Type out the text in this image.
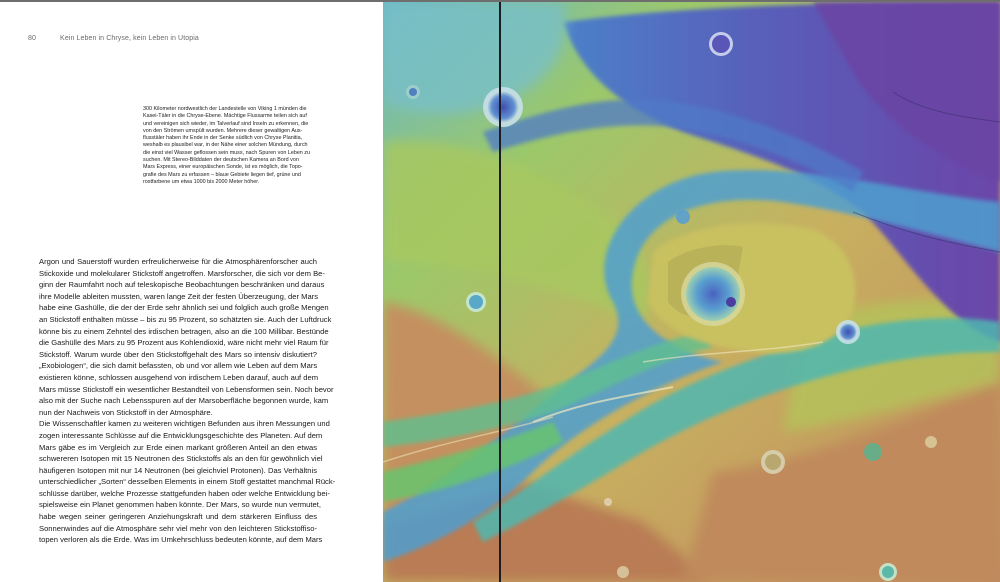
80	Kein Leben in Chryse, kein Leben in Utopia
300 Kilometer nordwestlich der Landestelle von Viking 1 münden die
Kasei-Täler in die Chryse-Ebene. Mächtige Flussarme teilen sich auf
und vereinigen sich wieder, im Talverlauf sind Inseln zu erkennen, die
von den Strömen umspült wurden. Mehrere dieser gewaltigen Aus-
flusstäler haben ihr Ende in der Senke südlich von Chryse Planitia,
weshalb es plausibel war, in der Nähe einer solchen Mündung, durch
die einst viel Wasser geflossen sein muss, nach Spuren von Leben zu
suchen. Mit Stereo-Bilddaten der deutschen Kamera an Bord von
Mars Express, einer europäischen Sonde, ist es möglich, die Topo-
grafie des Mars zu erfassen – blaue Gebiete liegen tief, grüne und
rostfarbene um etwa 1000 bis 2000 Meter höher.
Argon und Sauerstoff wurden erfreulicherweise für die Atmosphärenforscher auch
Stickoxide und molekularer Stickstoff angetroffen. Marsforscher, die sich vor dem Be-
ginn der Raumfahrt noch auf teleskopische Beobachtungen beschränken und daraus
ihre Modelle ableiten mussten, waren lange Zeit der festen Überzeugung, der Mars
habe eine Gashülle, die der der Erde sehr ähnlich sei und folglich auch große Mengen
an Stickstoff enthalten müsse – bis zu 95 Prozent, so schätzten sie. Auch der Luftdruck
könne bis zu einem Zehntel des irdischen betragen, also an die 100 Millibar. Bestünde
die Gashülle des Mars zu 95 Prozent aus Kohlendioxid, wäre nicht mehr viel Raum für
Stickstoff. Warum wurde über den Stickstoffgehalt des Mars so intensiv diskutiert?
„Exobiologen“, die sich damit befassten, ob und vor allem wie Leben auf dem Mars
existieren könne, schlossen ausgehend von irdischem Leben darauf, auch auf dem
Mars müsse Stickstoff ein wesentlicher Bestandteil von Lebensformen sein. Noch bevor
also mit der Suche nach Lebensspuren auf der Marsoberfläche begonnen wurde, kam
nun der Nachweis von Stickstoff in der Atmosphäre.
Die Wissenschaftler kamen zu weiteren wichtigen Befunden aus ihren Messungen und
zogen interessante Schlüsse auf die Entwicklungsgeschichte des Planeten. Auf dem
Mars gäbe es im Vergleich zur Erde einen markant größeren Anteil an den etwas
schwereren Isotopen mit 15 Neutronen des Stickstoffs als an den für gewöhnlich viel
häufigeren Isotopen mit nur 14 Neutronen (bei gleichviel Protonen). Das Verhältnis
unterschiedlicher „Sorten“ desselben Elements in einem Stoff gestattet manchmal Rück-
schlüsse darüber, welche Prozesse stattgefunden haben oder welche Entwicklung bei-
spielsweise ein Planet genommen haben könnte. Der Mars, so wurde nun vermutet,
habe wegen seiner geringeren Anziehungskraft und dem stärkeren Einfluss des
Sonnenwindes auf die Atmosphäre sehr viel mehr von den leichteren Stickstoffiso-
topen verloren als die Erde. Was im Umkehrschluss bedeuten könnte, auf dem Mars
